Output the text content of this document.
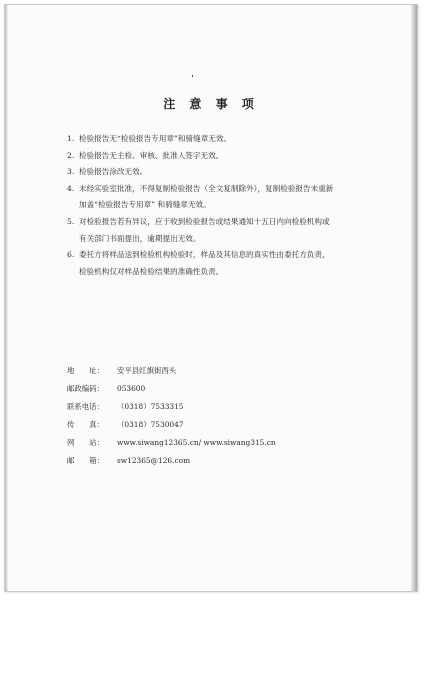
注 意 事 项
1. 检验报告无“检验报告专用章”和骑缝章无效。
2. 检验报告无主检、审核、批准人签字无效。
3. 检验报告涂改无效。
4. 未经实验室批准，不得复制检验报告（全文复制除外），复制检验报告未重新
加盖“检验报告专用章” 和骑缝章无效。
5. 对检验报告若有异议，应于收到检验报告或结果通知十五日内向检验机构或
有关部门书面提出，逾期提出无效。
6. 委托方将样品送到检验机构检验时，样品及其信息的真实性由委托方负责，
检验机构仅对样品检验结果的准确性负责。
地　　址：	安平县红旗街西头
邮政编码：	053600
联系电话：	（0318）7533315
传　　真：	（0318）7530047
网　　站：	www.siwang12365.cn/ www.siwang315.cn
邮　　箱：	sw12365@126.com
